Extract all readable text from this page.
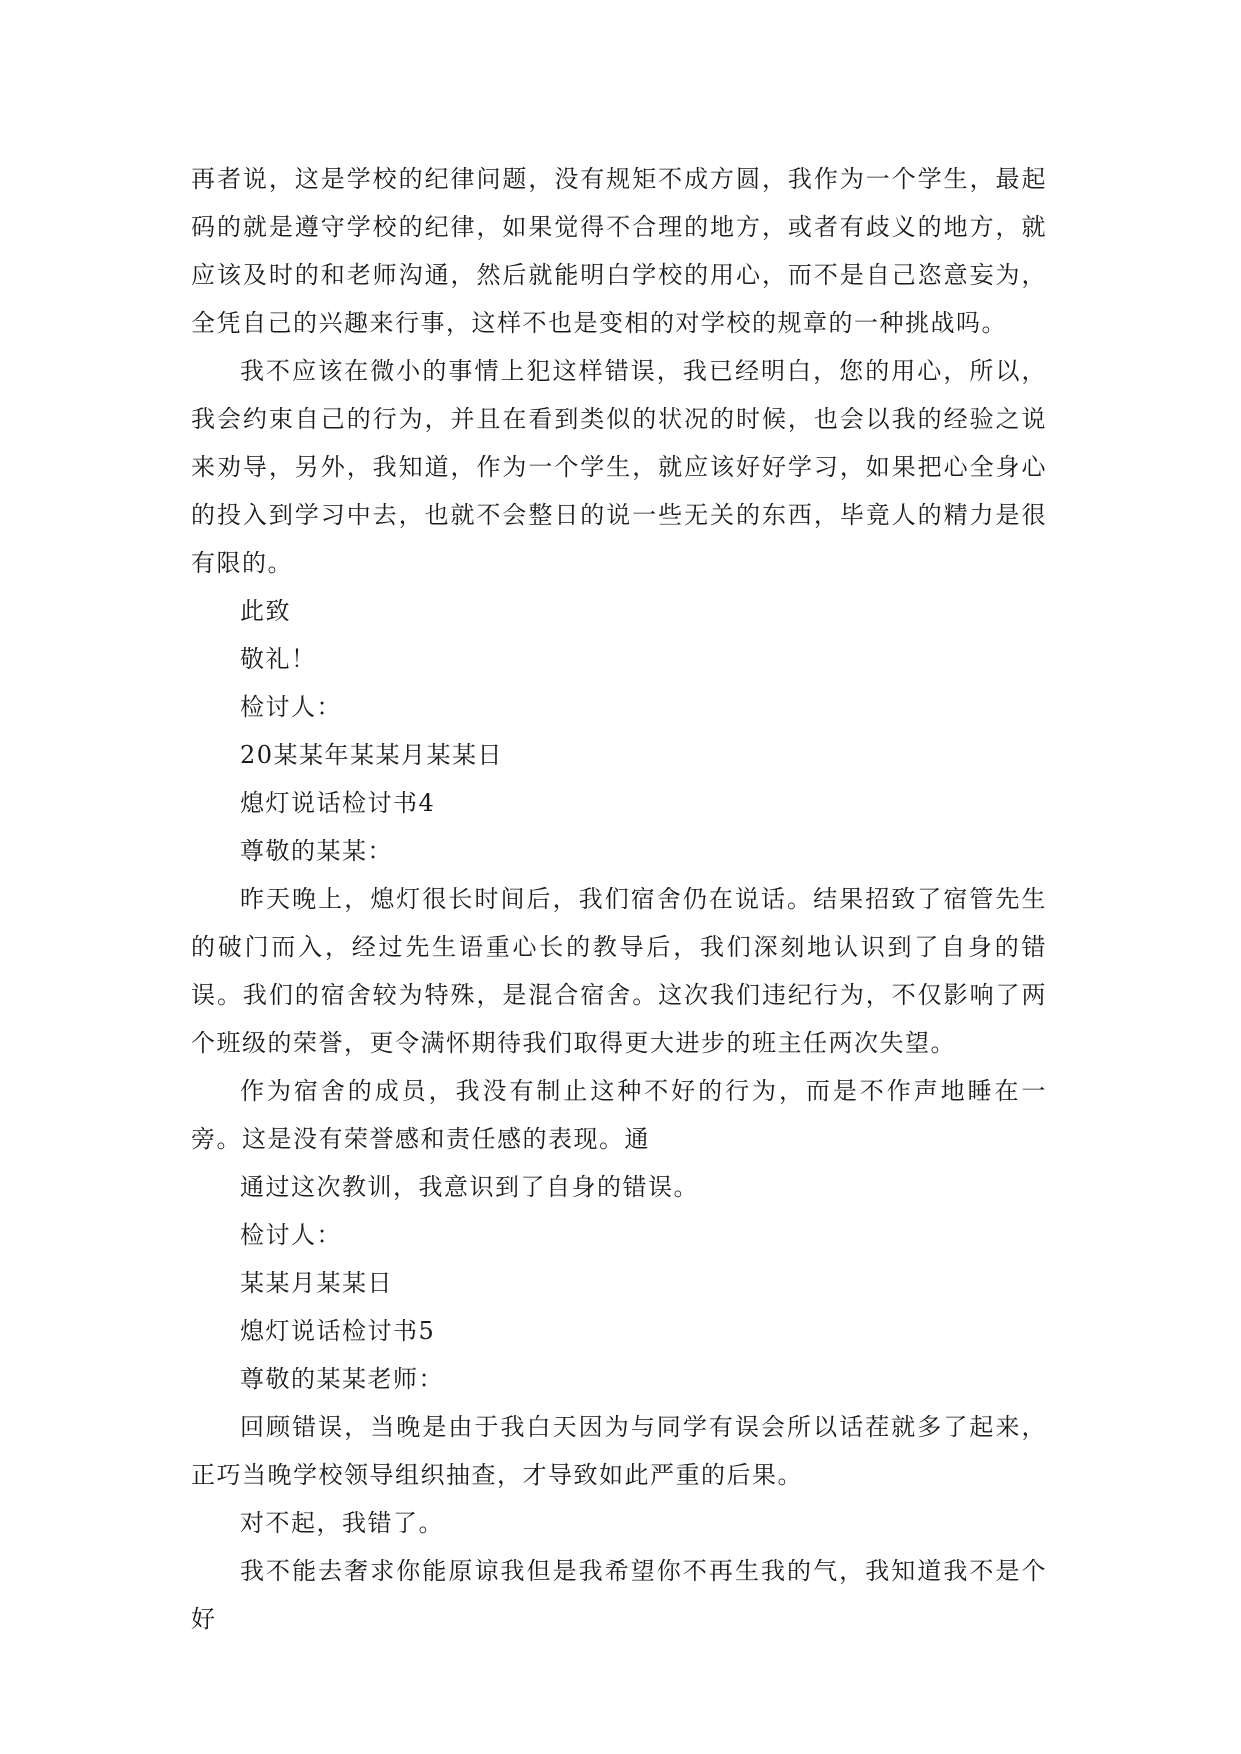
再者说，这是学校的纪律问题，没有规矩不成方圆，我作为一个学生，最起码的就是遵守学校的纪律，如果觉得不合理的地方，或者有歧义的地方，就应该及时的和老师沟通，然后就能明白学校的用心，而不是自己恣意妄为，全凭自己的兴趣来行事，这样不也是变相的对学校的规章的一种挑战吗。

我不应该在微小的事情上犯这样错误，我已经明白，您的用心，所以，我会约束自己的行为，并且在看到类似的状况的时候，也会以我的经验之说来劝导，另外，我知道，作为一个学生，就应该好好学习，如果把心全身心的投入到学习中去，也就不会整日的说一些无关的东西，毕竟人的精力是很有限的。

此致

敬礼！

检讨人：

20某某年某某月某某日

熄灯说话检讨书4

尊敬的某某：

昨天晚上，熄灯很长时间后，我们宿舍仍在说话。结果招致了宿管先生的破门而入，经过先生语重心长的教导后，我们深刻地认识到了自身的错误。我们的宿舍较为特殊，是混合宿舍。这次我们违纪行为，不仅影响了两个班级的荣誉，更令满怀期待我们取得更大进步的班主任两次失望。

作为宿舍的成员，我没有制止这种不好的行为，而是不作声地睡在一旁。这是没有荣誉感和责任感的表现。通

通过这次教训，我意识到了自身的错误。

检讨人：

某某月某某日

熄灯说话检讨书5

尊敬的某某老师：

回顾错误，当晚是由于我白天因为与同学有误会所以话茬就多了起来，正巧当晚学校领导组织抽查，才导致如此严重的后果。

对不起，我错了。

我不能去奢求你能原谅我但是我希望你不再生我的气，我知道我不是个好
